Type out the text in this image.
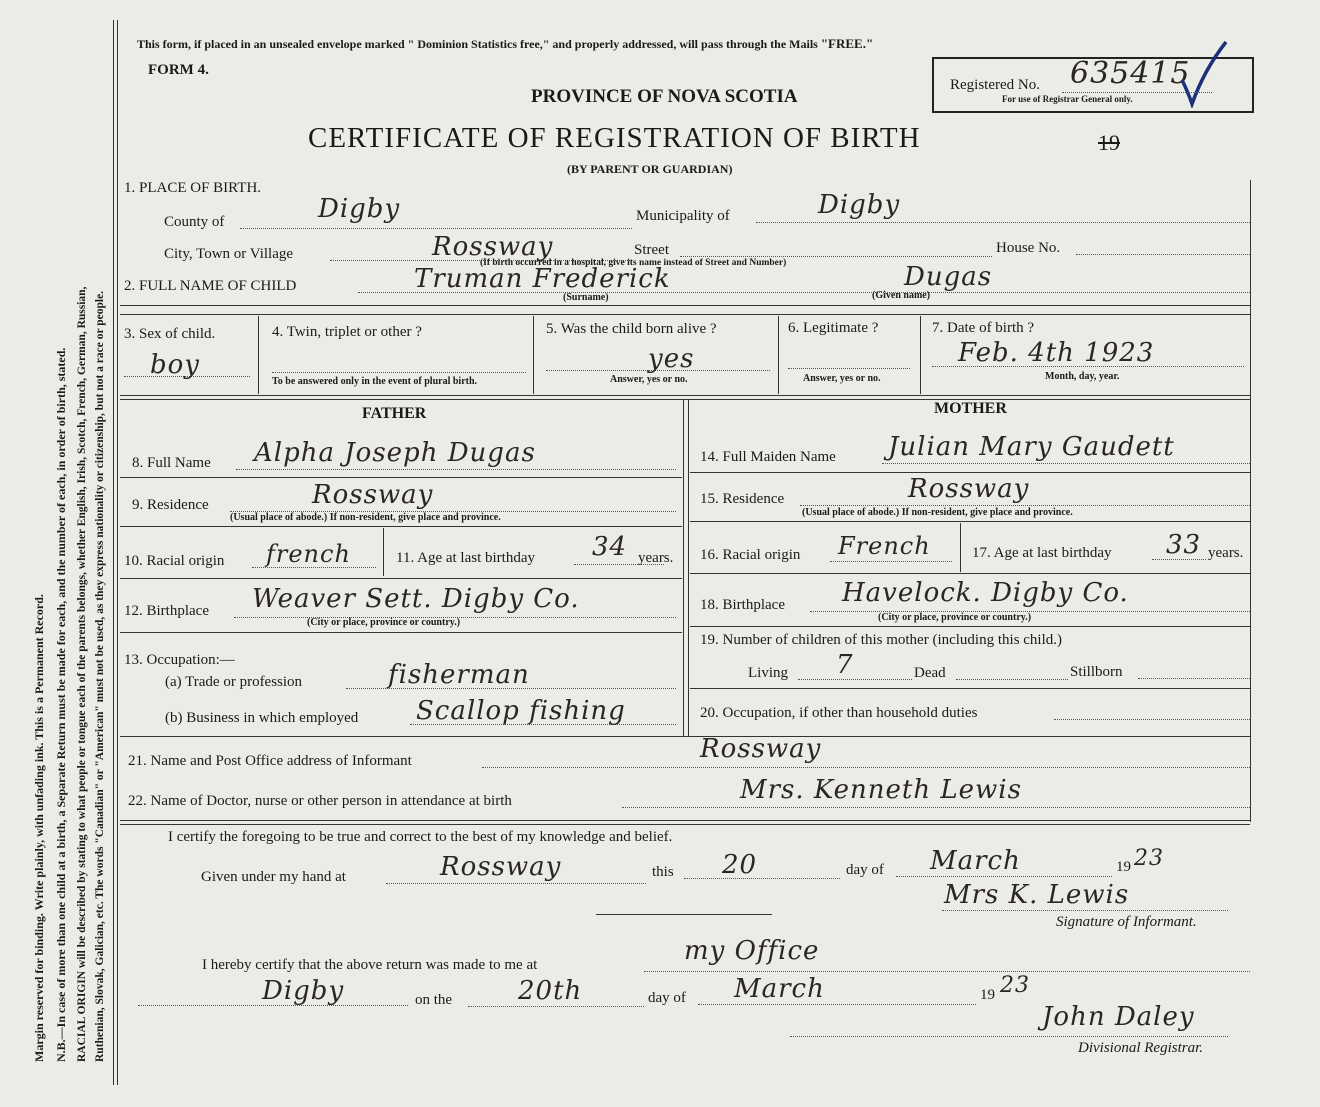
Margin reserved for binding. Write plainly, with unfading ink. This is a Permanent Record. N.B.—In case of more than one child at a birth, a Separate Return must be made for each, and the number of each, in order of birth, stated. RACIAL ORIGIN will be described by stating to what people or tongue each of the parents belongs, whether English, Irish, Scotch, French, German, Russian, Ruthenian, Slovak, Galician, etc. The words "Canadian" or "American" must not be used, as they express nationality or citizenship, but not a race or people.
This form, if placed in an unsealed envelope marked " Dominion Statistics free," and properly addressed, will pass through the Mails "FREE."
FORM 4.
PROVINCE OF NOVA SCOTIA
CERTIFICATE OF REGISTRATION OF BIRTH	19
(BY PARENT OR GUARDIAN)
Registered No. 635415
For use of Registrar General only.
1. PLACE OF BIRTH.
County of	Digby	Municipality of	Digby
City, Town or Village	Rossway	Street
(If birth occurred in a hospital, give its name instead of Street and Number)
House No.
2. FULL NAME OF CHILD	Truman Frederick	Dugas
(Surname)	(Given name)
3. Sex of child.
boy
4. Twin, triplet or other ?
To be answered only in the event of plural birth.
5. Was the child born alive ?
yes
Answer, yes or no.
6. Legitimate ?
Answer, yes or no.
7. Date of birth ?
Feb. 4th 1923
Month, day, year.
FATHER
8. Full Name Alpha Joseph Dugas
9. Residence	Rossway
(Usual place of abode.) If non-resident, give place and province.
10. Racial origin french	11. Age at last birthday 34 years.
12. Birthplace Weaver Sett. Digby Co.
(City or place, province or country.)
13. Occupation:—
(a) Trade or profession	fisherman
(b) Business in which employed Scallop fishing
MOTHER
14. Full Maiden Name Julian Mary Gaudett
15. Residence	Rossway
(Usual place of abode.) If non-resident, give place and province.
16. Racial origin French	17. Age at last birthday 33 years.
18. Birthplace Havelock. Digby Co.
(City or place, province or country.)
19. Number of children of this mother (including this child.)
Living 7	Dead	Stillborn
20. Occupation, if other than household duties
21. Name and Post Office address of Informant	Rossway
22. Name of Doctor, nurse or other person in attendance at birth	Mrs. Kenneth Lewis
I certify the foregoing to be true and correct to the best of my knowledge and belief.
Given under my hand at	Rossway	this 20	day of March	19 23
Mrs K. Lewis
Signature of Informant.
I hereby certify that the above return was made to me at	my Office
Digby	on the	20th	day of March	19 23
John Daley
Divisional Registrar.
